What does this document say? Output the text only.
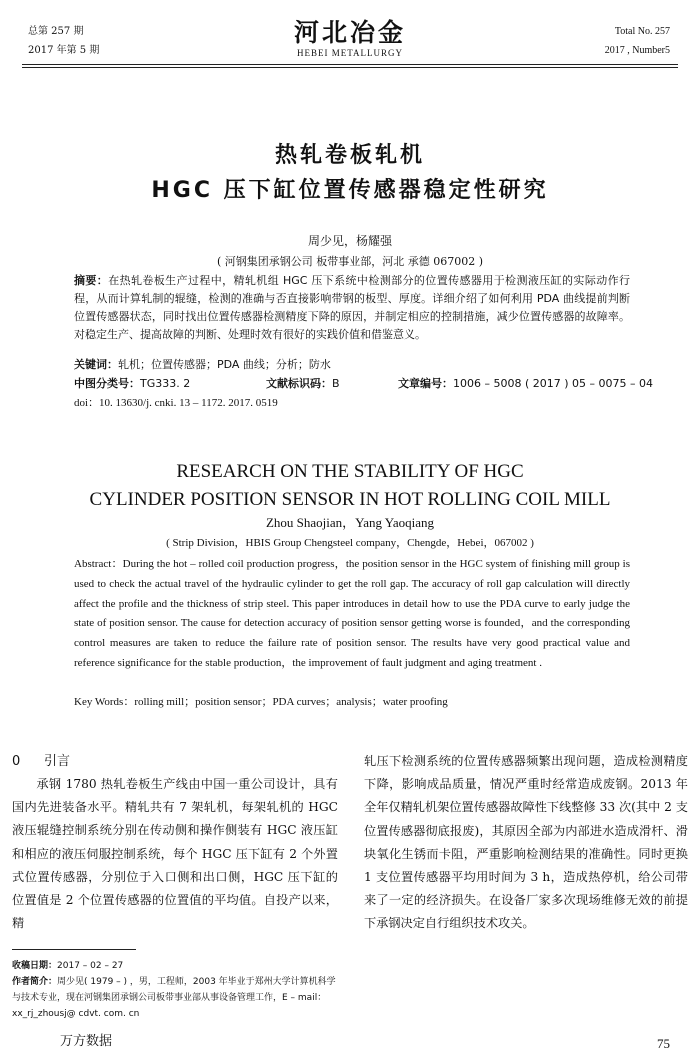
总第 257 期
2017 年第 5 期
河北冶金
HEBEI METALLURGY
Total No. 257
2017 , Number5
热轧卷板轧机
HGC 压下缸位置传感器稳定性研究
周少见，杨耀强
( 河钢集团承钢公司 板带事业部，河北 承德 067002 )
摘要：在热轧卷板生产过程中，精轧机组 HGC 压下系统中检测部分的位置传感器用于检测液压缸的实际动作行程，从而计算轧制的辊缝，检测的准确与否直接影响带钢的板型、厚度。详细介绍了如何利用 PDA 曲线提前判断位置传感器状态，同时找出位置传感器检测精度下降的原因，并制定相应的控制措施，减少位置传感器的故障率。对稳定生产、提高故障的判断、处理时效有很好的实践价值和借鉴意义。
关键词：轧机；位置传感器；PDA 曲线；分析；防水
中图分类号：TG333. 2	文献标识码：B	文章编号：1006 – 5008 ( 2017 ) 05 – 0075 – 04
doi：10. 13630/j. cnki. 13 – 1172. 2017. 0519
RESEARCH ON THE STABILITY OF HGC
CYLINDER POSITION SENSOR IN HOT ROLLING COIL MILL
Zhou Shaojian，Yang Yaoqiang
( Strip Division，HBIS Group Chengsteel company，Chengde，Hebei，067002 )
Abstract：During the hot – rolled coil production progress，the position sensor in the HGC system of finishing mill group is used to check the actual travel of the hydraulic cylinder to get the roll gap. The accuracy of roll gap calculation will directly affect the profile and the thickness of strip steel. This paper introduces in detail how to use the PDA curve to early judge the state of position sensor. The cause for detection accuracy of position sensor getting worse is founded，and the corresponding control measures are taken to reduce the failure rate of position sensor. The results have very good practical value and reference significance for the stable production，the improvement of fault judgment and aging treatment .
Key Words：rolling mill；position sensor；PDA curves；analysis；water proofing
0 引言
承钢 1780 热轧卷板生产线由中国一重公司设计，具有国内先进装备水平。精轧共有 7 架轧机，每架轧机的 HGC 液压辊缝控制系统分别在传动侧和操作侧装有 HGC 液压缸和相应的液压伺服控制系统，每个 HGC 压下缸有 2 个外置式位置传感器，分别位于入口侧和出口侧，HGC 压下缸的位置值是 2 个位置传感器的位置值的平均值。自投产以来，精
轧压下检测系统的位置传感器频繁出现问题，造成检测精度下降，影响成品质量，情况严重时经常造成废钢。2013 年全年仅精轧机架位置传感器故障性下线整修 33 次(其中 2 支位置传感器彻底报废)，其原因全部为内部进水造成滑杆、滑块氧化生锈而卡阻，严重影响检测结果的准确性。同时更换 1 支位置传感器平均用时间为 3 h，造成热停机，给公司带来了一定的经济损失。在设备厂家多次现场维修无效的前提下承钢决定自行组织技术攻关。
收稿日期：2017 – 02 – 27
作者简介：周少见( 1979 – ) ，男，工程师，2003 年毕业于郑州大学计算机科学与技术专业，现在河钢集团承钢公司板带事业部从事设备管理工作，E – mail：xx_rj_zhousj@ cdvt. com. cn
万方数据	75
